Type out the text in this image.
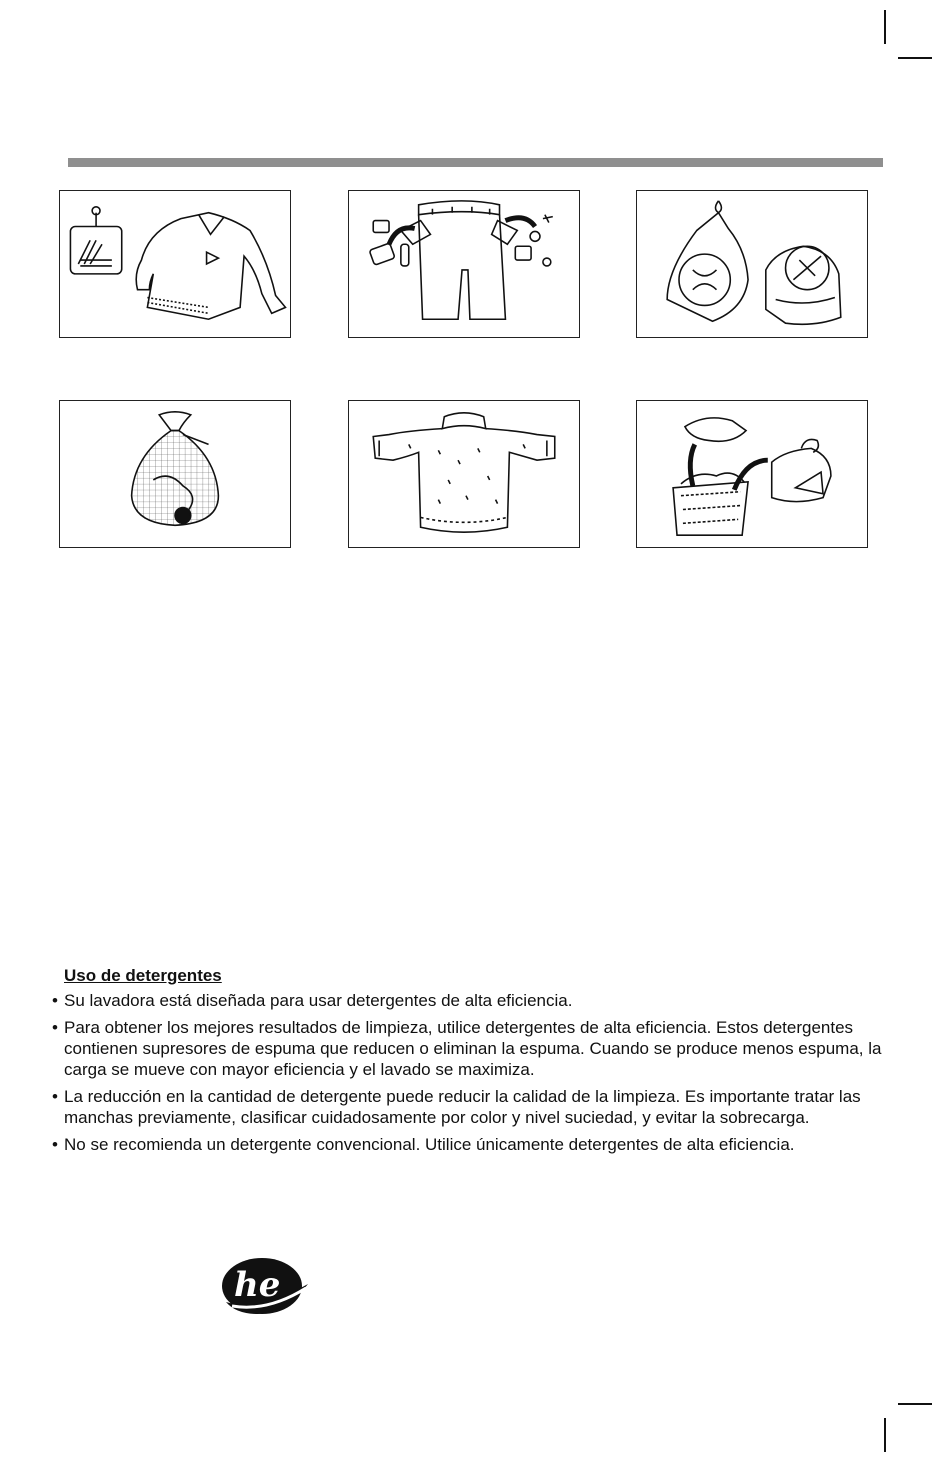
Uso de detergentes

• Su lavadora está diseñada para usar detergentes de alta eficiencia.
• Para obtener los mejores resultados de limpieza, utilice detergentes de alta eficiencia. Estos detergentes contienen supresores de espuma que reducen o eliminan la espuma. Cuando se produce menos espuma, la carga se mueve con mayor eficiencia y el lavado se maximiza.
• La reducción en la cantidad de detergente puede reducir la calidad de la limpieza. Es importante tratar las manchas previamente, clasificar cuidadosamente por color y nivel suciedad, y evitar la sobrecarga.
• No se recomienda un detergente convencional. Utilice únicamente detergentes de alta eficiencia.
he
